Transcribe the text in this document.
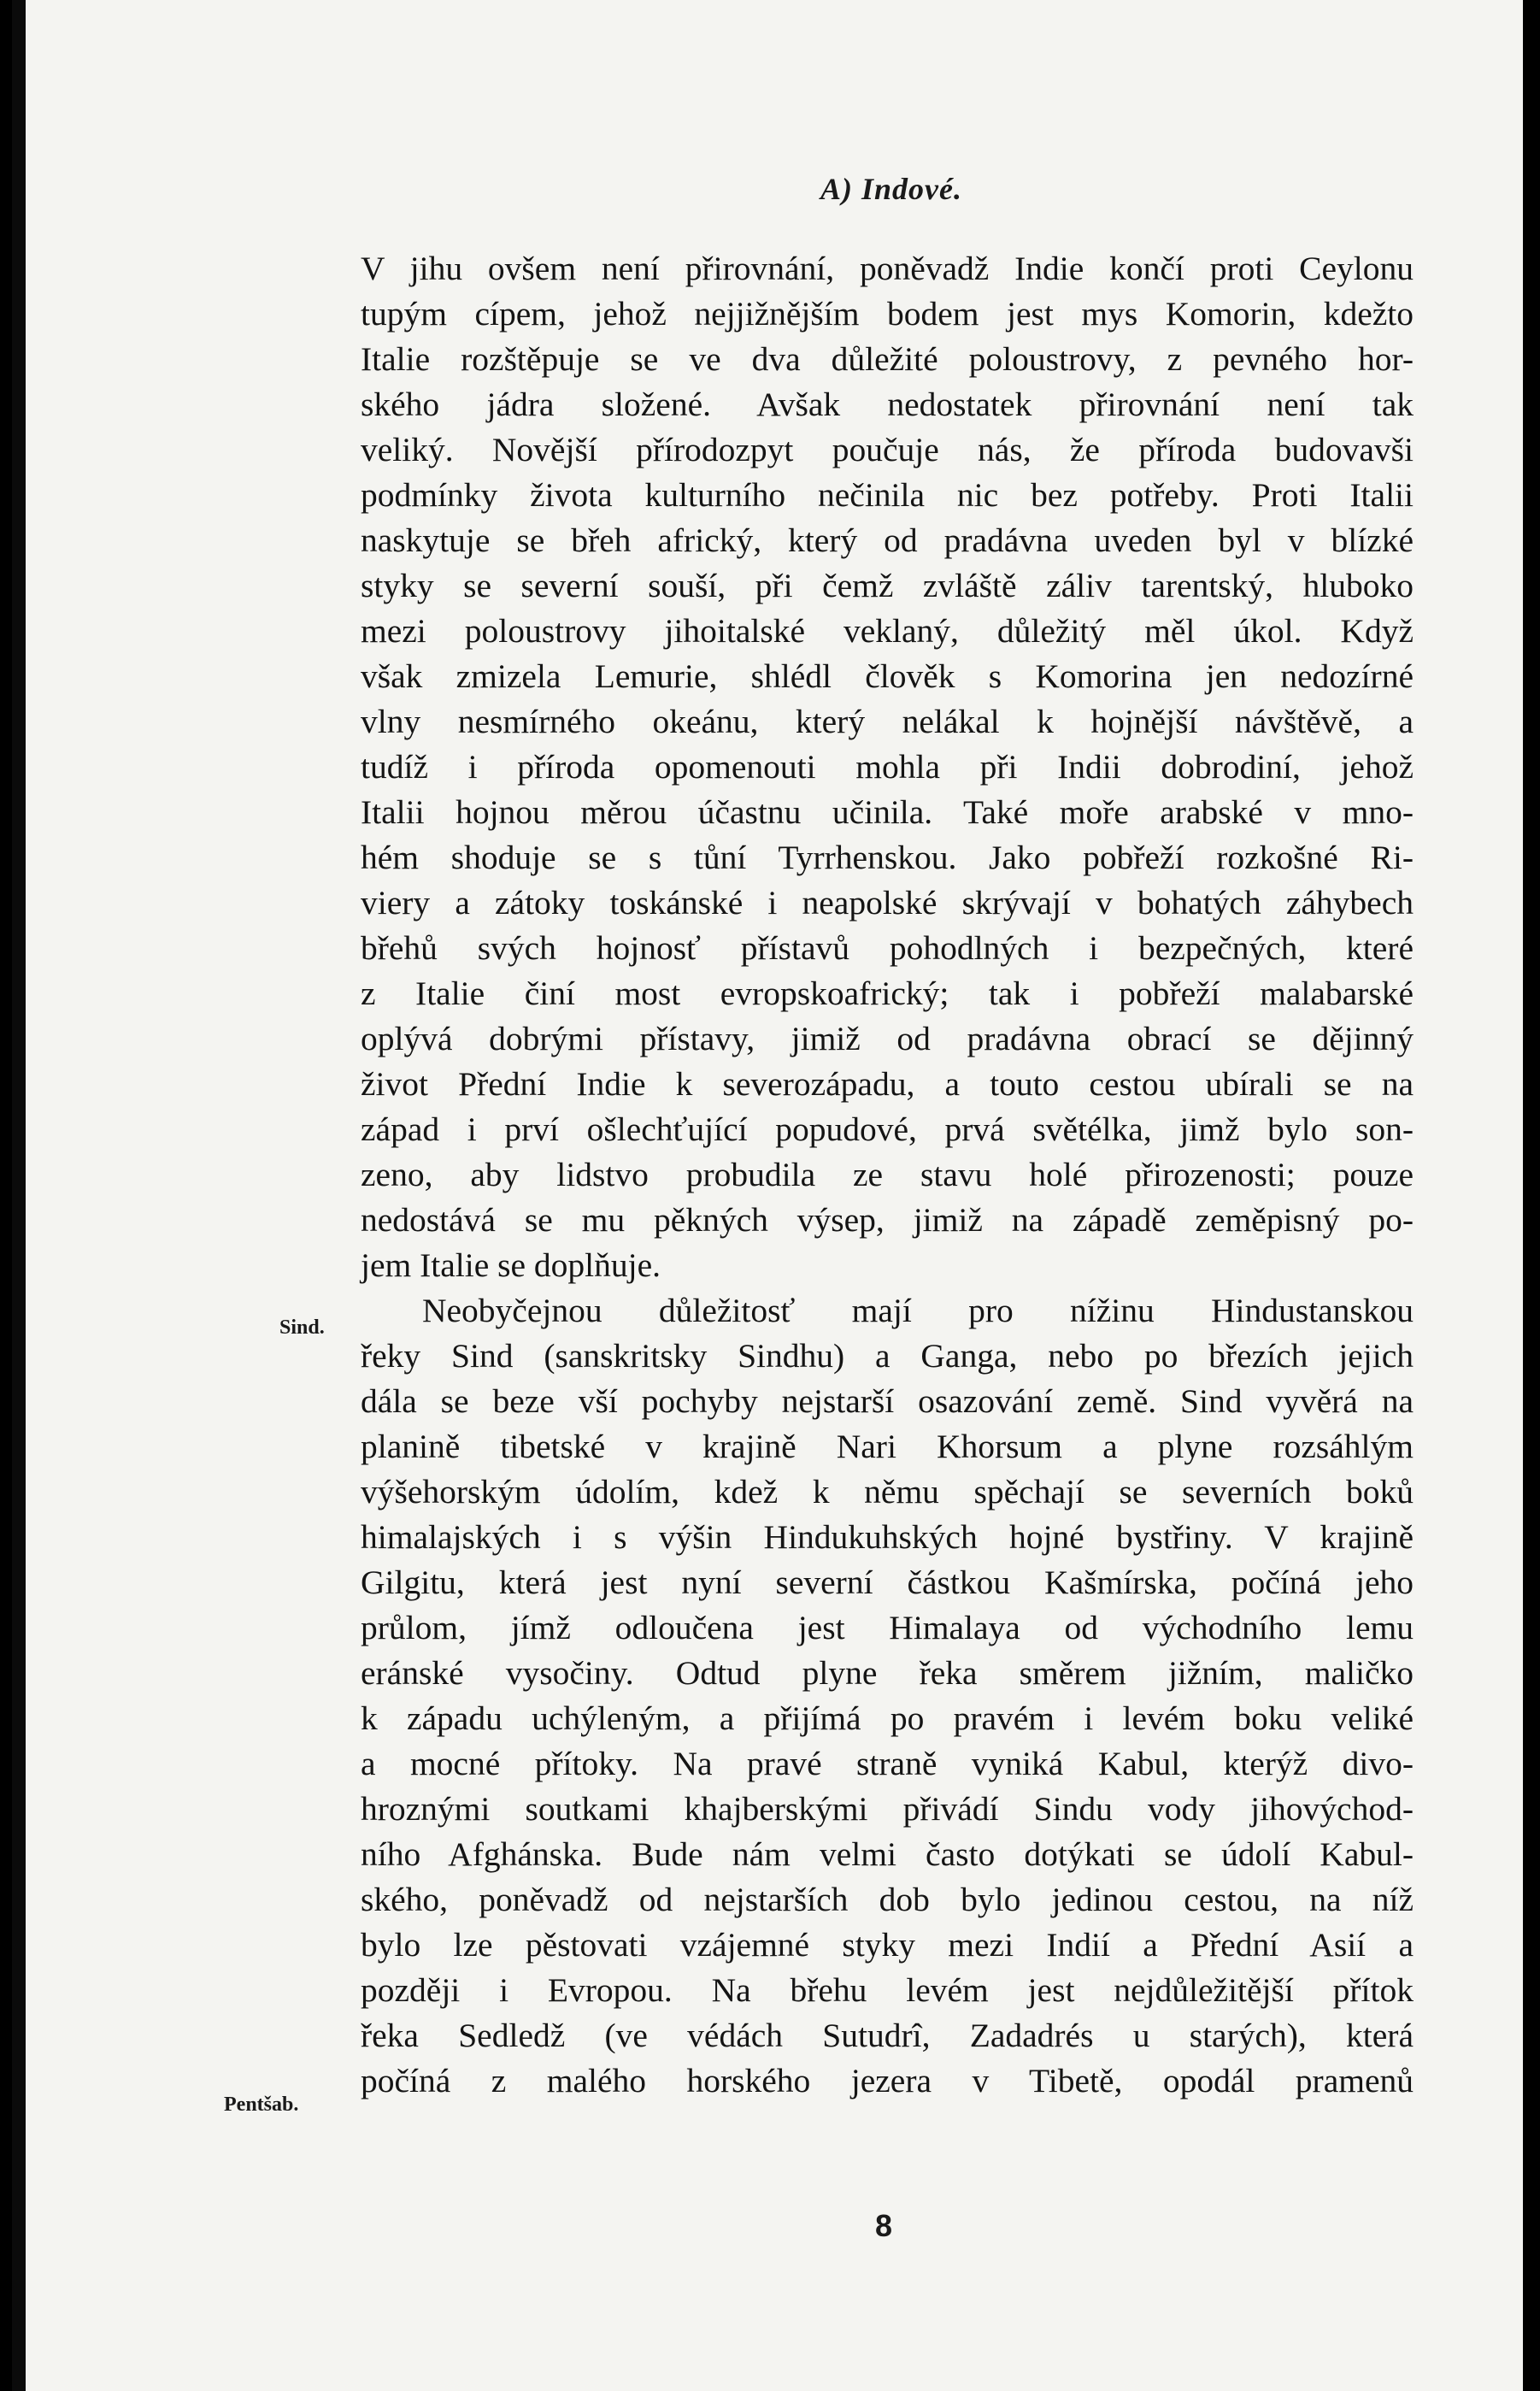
A) Indové.
Sind.
Pentšab.
V jihu ovšem není přirovnání, poněvadž Indie končí proti Ceylonu
tupým cípem, jehož nejjižnějším bodem jest mys Komorin, kdežto
Italie rozštěpuje se ve dva důležité poloustrovy, z pevného hor-
ského jádra složené. Avšak nedostatek přirovnání není tak
veliký. Novější přírodozpyt poučuje nás, že příroda budovavši
podmínky života kulturního nečinila nic bez potřeby. Proti Italii
naskytuje se břeh africký, který od pradávna uveden byl v blízké
styky se severní souší, při čemž zvláště záliv tarentský, hluboko
mezi poloustrovy jihoitalské veklaný, důležitý měl úkol. Když
však zmizela Lemurie, shlédl člověk s Komorina jen nedozírné
vlny nesmírného okeánu, který nelákal k hojnější návštěvě, a
tudíž i příroda opomenouti mohla při Indii dobrodiní, jehož
Italii hojnou měrou účastnu učinila. Také moře arabské v mno-
hém shoduje se s tůní Tyrrhenskou. Jako pobřeží rozkošné Ri-
viery a zátoky toskánské i neapolské skrývají v bohatých záhybech
břehů svých hojnosť přístavů pohodlných i bezpečných, které
z Italie činí most evropskoafrický; tak i pobřeží malabarské
oplývá dobrými přístavy, jimiž od pradávna obrací se dějinný
život Přední Indie k severozápadu, a touto cestou ubírali se na
západ i prví ošlechťující popudové, prvá světélka, jimž bylo son-
zeno, aby lidstvo probudila ze stavu holé přirozenosti; pouze
nedostává se mu pěkných výsep, jimiž na západě zeměpisný po-
jem Italie se doplňuje.
Neobyčejnou důležitosť mají pro nížinu Hindustanskou
řeky Sind (sanskritsky Sindhu) a Ganga, nebo po březích jejich
dála se beze vší pochyby nejstarší osazování země. Sind vyvěrá na
planině tibetské v krajině Nari Khorsum a plyne rozsáhlým
výšehorským údolím, kdež k němu spěchají se severních boků
himalajských i s výšin Hindukuhských hojné bystřiny. V krajině
Gilgitu, která jest nyní severní částkou Kašmírska, počíná jeho
průlom, jímž odloučena jest Himalaya od východního lemu
eránské vysočiny. Odtud plyne řeka směrem jižním, maličko
k západu uchýleným, a přijímá po pravém i levém boku veliké
a mocné přítoky. Na pravé straně vyniká Kabul, kterýž divo-
hroznými soutkami khajberskými přivádí Sindu vody jihovýchod-
ního Afghánska. Bude nám velmi často dotýkati se údolí Kabul-
ského, poněvadž od nejstarších dob bylo jedinou cestou, na níž
bylo lze pěstovati vzájemné styky mezi Indií a Přední Asií a
později i Evropou. Na břehu levém jest nejdůležitější přítok
řeka Sedledž (ve védách Sutudrî, Zadadrés u starých), která
počíná z malého horského jezera v Tibetě, opodál pramenů
8
